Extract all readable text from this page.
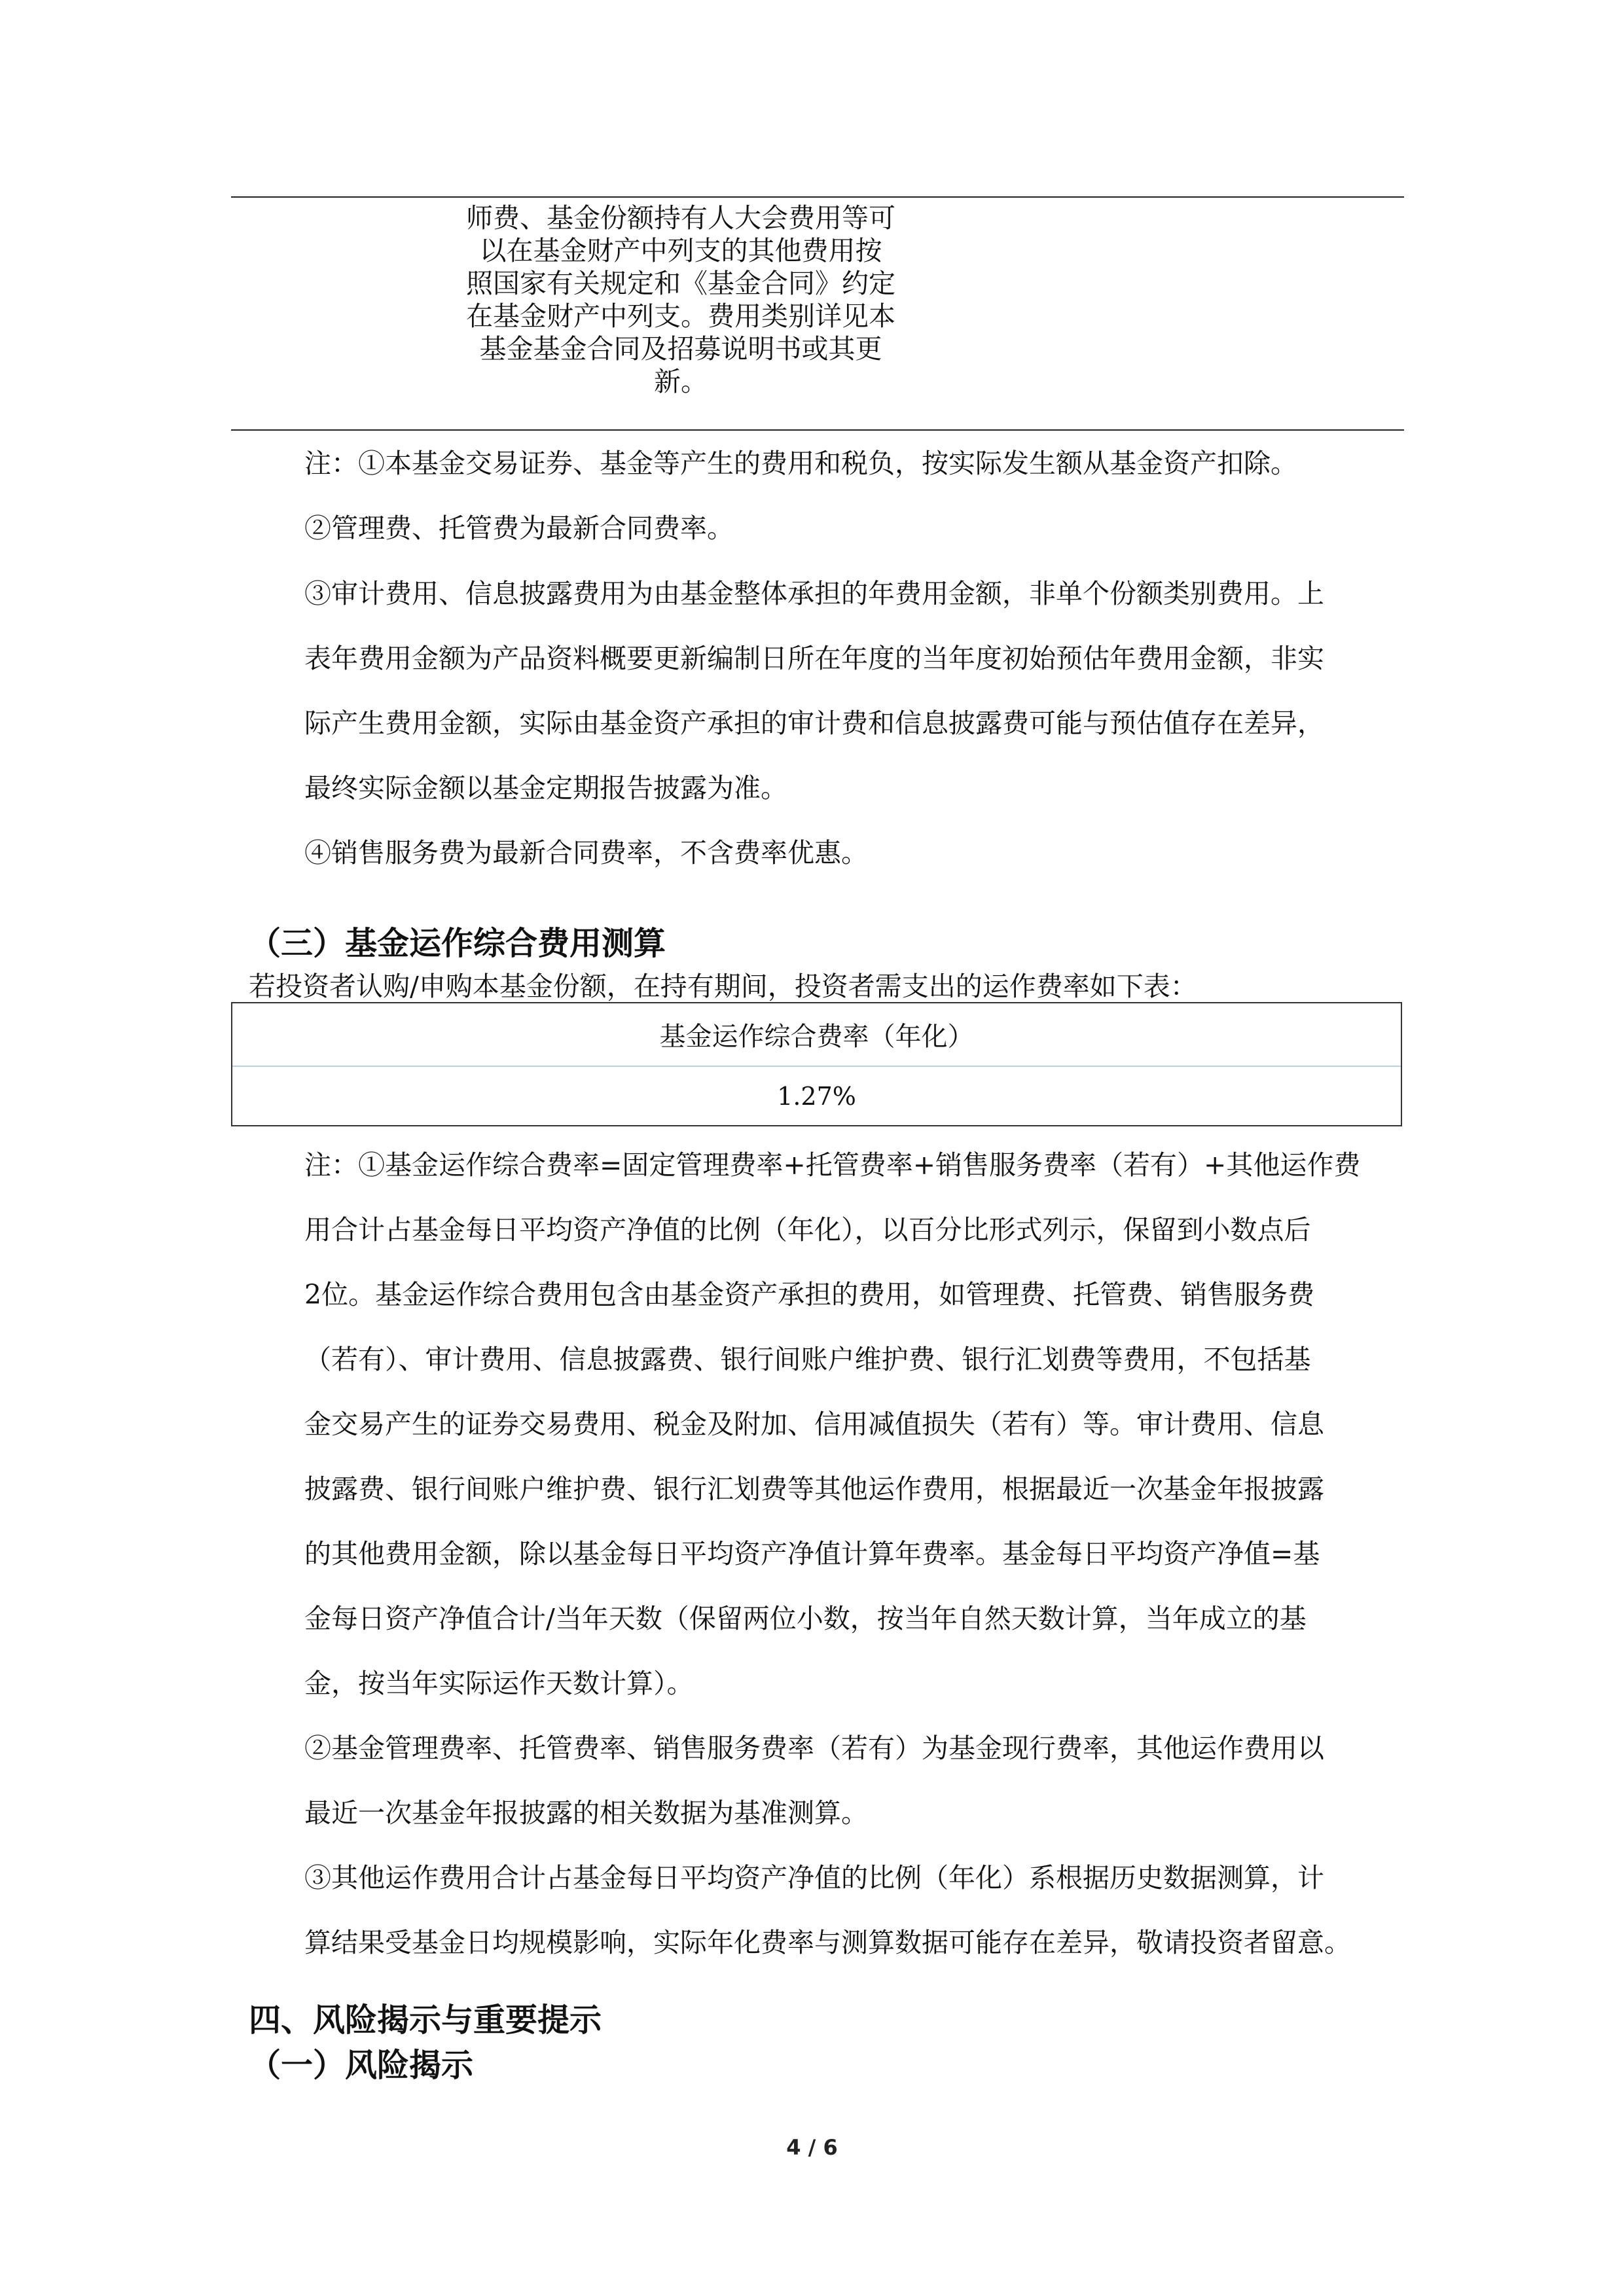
师费、基金份额持有人大会费用等可
以在基金财产中列支的其他费用按
照国家有关规定和《基金合同》约定
在基金财产中列支。费用类别详见本
基金基金合同及招募说明书或其更
新。
注：①本基金交易证券、基金等产生的费用和税负，按实际发生额从基金资产扣除。
②管理费、托管费为最新合同费率。
③审计费用、信息披露费用为由基金整体承担的年费用金额，非单个份额类别费用。上
表年费用金额为产品资料概要更新编制日所在年度的当年度初始预估年费用金额，非实
际产生费用金额，实际由基金资产承担的审计费和信息披露费可能与预估值存在差异，
最终实际金额以基金定期报告披露为准。
④销售服务费为最新合同费率，不含费率优惠。
（三）基金运作综合费用测算
若投资者认购/申购本基金份额，在持有期间，投资者需支出的运作费率如下表：
基金运作综合费率（年化）
1.27%
注：①基金运作综合费率=固定管理费率+托管费率+销售服务费率（若有）+其他运作费
用合计占基金每日平均资产净值的比例（年化），以百分比形式列示，保留到小数点后
2位。基金运作综合费用包含由基金资产承担的费用，如管理费、托管费、销售服务费
（若有）、审计费用、信息披露费、银行间账户维护费、银行汇划费等费用，不包括基
金交易产生的证券交易费用、税金及附加、信用减值损失（若有）等。审计费用、信息
披露费、银行间账户维护费、银行汇划费等其他运作费用，根据最近一次基金年报披露
的其他费用金额，除以基金每日平均资产净值计算年费率。基金每日平均资产净值=基
金每日资产净值合计/当年天数（保留两位小数，按当年自然天数计算，当年成立的基
金，按当年实际运作天数计算）。
②基金管理费率、托管费率、销售服务费率（若有）为基金现行费率，其他运作费用以
最近一次基金年报披露的相关数据为基准测算。
③其他运作费用合计占基金每日平均资产净值的比例（年化）系根据历史数据测算，计
算结果受基金日均规模影响，实际年化费率与测算数据可能存在差异，敬请投资者留意。
四、风险揭示与重要提示
（一）风险揭示
4 / 6
